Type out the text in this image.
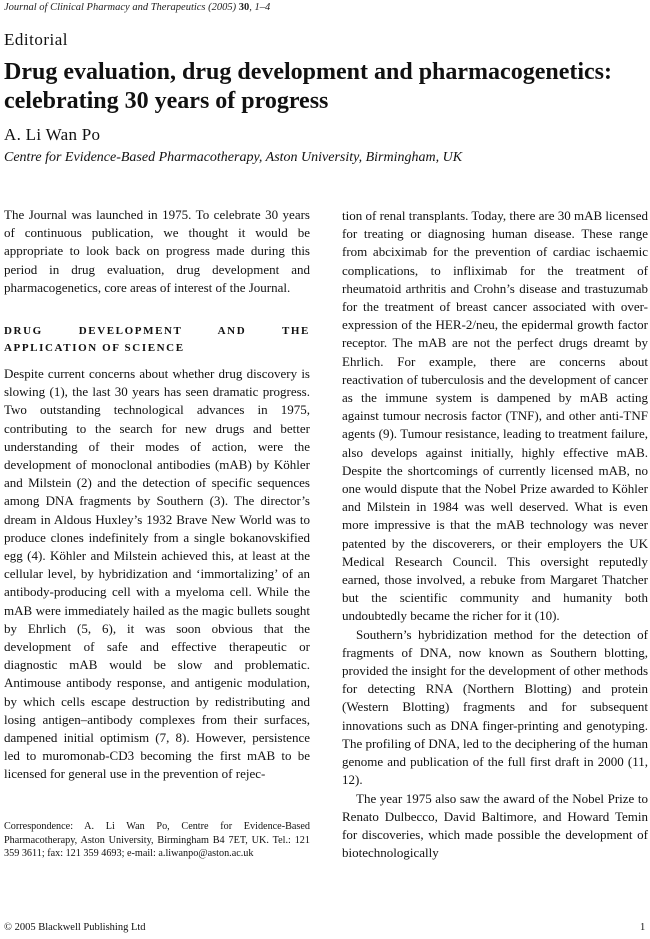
Journal of Clinical Pharmacy and Therapeutics (2005) 30, 1–4
Editorial
Drug evaluation, drug development and pharmacogenetics: celebrating 30 years of progress
A. Li Wan Po
Centre for Evidence-Based Pharmacotherapy, Aston University, Birmingham, UK

The Journal was launched in 1975. To celebrate 30 years of continuous publication, we thought it would be appropriate to look back on progress made during this period in drug evaluation, drug development and pharmacogenetics, core areas of interest of the Journal.

DRUG DEVELOPMENT AND THE APPLICATION OF SCIENCE

Despite current concerns about whether drug discovery is slowing (1), the last 30 years has seen dramatic progress. Two outstanding technological advances in 1975, contributing to the search for new drugs and better understanding of their modes of action, were the development of monoclonal antibodies (mAB) by Köhler and Milstein (2) and the detection of specific sequences among DNA fragments by Southern (3). The director’s dream in Aldous Huxley’s 1932 Brave New World was to produce clones indefinitely from a single bokanovskified egg (4). Köhler and Milstein achieved this, at least at the cellular level, by hybridization and ‘immortalizing’ of an antibody-producing cell with a myeloma cell. While the mAB were immediately hailed as the magic bullets sought by Ehrlich (5, 6), it was soon obvious that the development of safe and effective therapeutic or diagnostic mAB would be slow and problematic. Antimouse antibody response, and antigenic modulation, by which cells escape destruction by redistributing and losing antigen–antibody complexes from their surfaces, dampened initial optimism (7, 8). However, persistence led to muromonab-CD3 becoming the first mAB to be licensed for general use in the prevention of rejec-

tion of renal transplants. Today, there are 30 mAB licensed for treating or diagnosing human disease. These range from abciximab for the prevention of cardiac ischaemic complications, to infliximab for the treatment of rheumatoid arthritis and Crohn’s disease and trastuzumab for the treatment of breast cancer associated with over-expression of the HER-2/neu, the epidermal growth factor receptor. The mAB are not the perfect drugs dreamt by Ehrlich. For example, there are concerns about reactivation of tuberculosis and the development of cancer as the immune system is dampened by mAB acting against tumour necrosis factor (TNF), and other anti-TNF agents (9). Tumour resistance, leading to treatment failure, also develops against initially, highly effective mAB. Despite the shortcomings of currently licensed mAB, no one would dispute that the Nobel Prize awarded to Köhler and Milstein in 1984 was well deserved. What is even more impressive is that the mAB technology was never patented by the discoverers, or their employers the UK Medical Research Council. This oversight reputedly earned, those involved, a rebuke from Margaret Thatcher but the scientific community and humanity both undoubtedly became the richer for it (10).

Southern’s hybridization method for the detection of fragments of DNA, now known as Southern blotting, provided the insight for the development of other methods for detecting RNA (Northern Blotting) and protein (Western Blotting) fragments and for subsequent innovations such as DNA finger-printing and genotyping. The profiling of DNA, led to the deciphering of the human genome and publication of the full first draft in 2000 (11, 12).

The year 1975 also saw the award of the Nobel Prize to Renato Dulbecco, David Baltimore, and Howard Temin for discoveries, which made possible the development of biotechnologically

Correspondence: A. Li Wan Po, Centre for Evidence-Based Pharmacotherapy, Aston University, Birmingham B4 7ET, UK. Tel.: 121 359 3611; fax: 121 359 4693; e-mail: a.liwanpo@aston.ac.uk
© 2005 Blackwell Publishing Ltd	1
